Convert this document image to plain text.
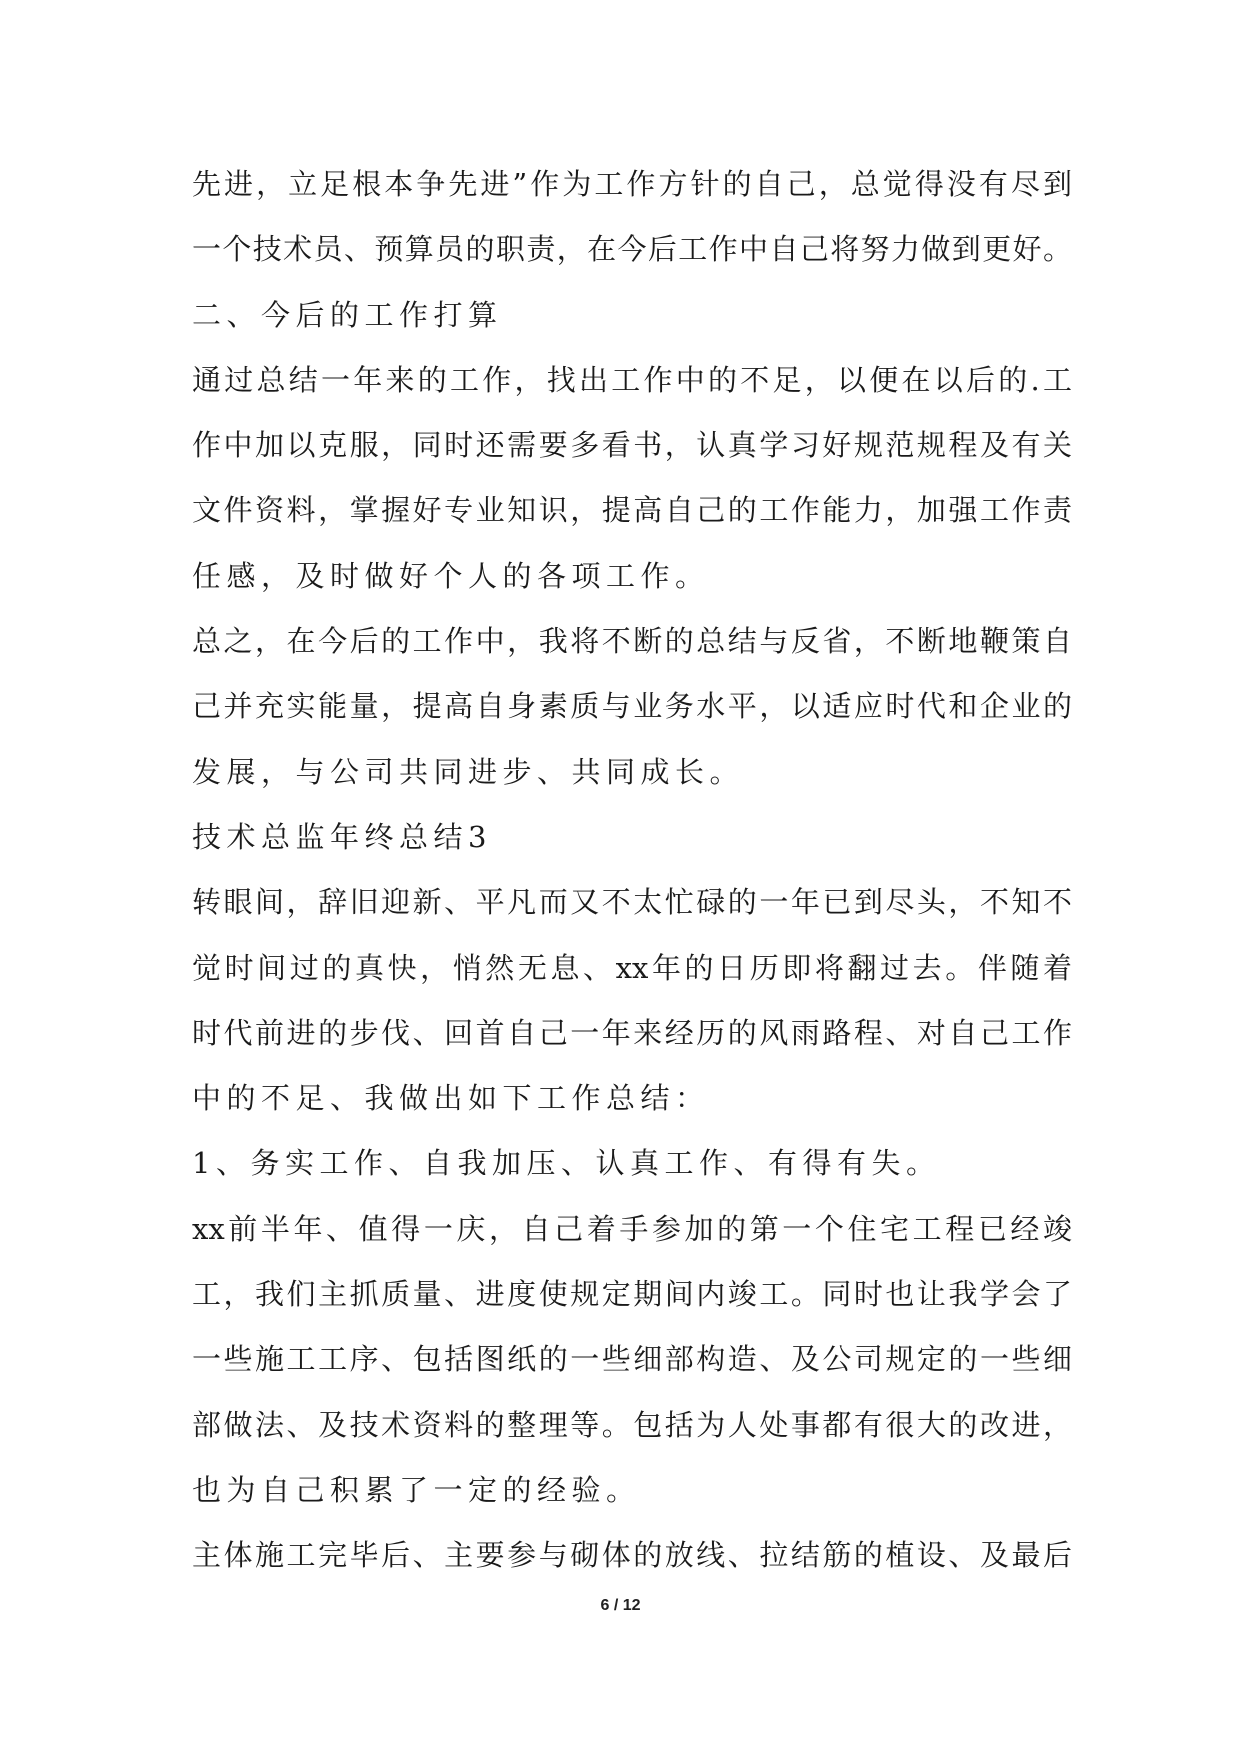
先进，立足根本争先进”作为工作方针的自己，总觉得没有尽到
一个技术员、预算员的职责，在今后工作中自己将努力做到更好。
二、今后的工作打算
通过总结一年来的工作，找出工作中的不足，以便在以后的.工
作中加以克服，同时还需要多看书，认真学习好规范规程及有关
文件资料，掌握好专业知识，提高自己的工作能力，加强工作责
任感，及时做好个人的各项工作。
总之，在今后的工作中，我将不断的总结与反省，不断地鞭策自
己并充实能量，提高自身素质与业务水平，以适应时代和企业的
发展，与公司共同进步、共同成长。
技术总监年终总结3
转眼间，辞旧迎新、平凡而又不太忙碌的一年已到尽头，不知不
觉时间过的真快，悄然无息、xx年的日历即将翻过去。伴随着
时代前进的步伐、回首自己一年来经历的风雨路程、对自己工作
中的不足、我做出如下工作总结：
1、务实工作、自我加压、认真工作、有得有失。
xx前半年、值得一庆，自己着手参加的第一个住宅工程已经竣
工，我们主抓质量、进度使规定期间内竣工。同时也让我学会了
一些施工工序、包括图纸的一些细部构造、及公司规定的一些细
部做法、及技术资料的整理等。包括为人处事都有很大的改进，
也为自己积累了一定的经验。
主体施工完毕后、主要参与砌体的放线、拉结筋的植设、及最后
6 / 12
